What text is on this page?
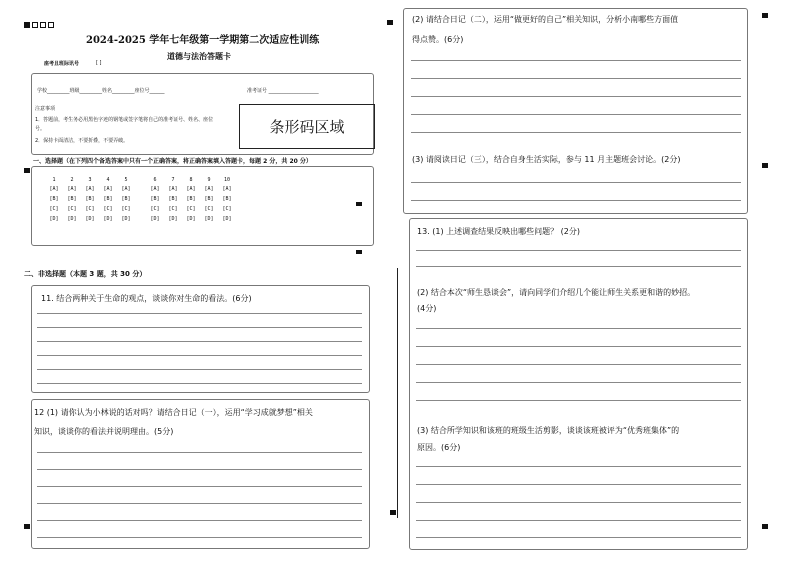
2024-2025 学年七年级第一学期第二次适应性训练
道德与法治答题卡
座考且班际讯号	[ ]
学校_________班级_________姓名_________座位号______	准考证号 ____________________
注意事项
1．答题前，考生务必用黑色字迹的钢笔或签字笔将自己的准考证号、姓名、座位
号。
2．保持卡面清洁，不要折叠，不要弄破。
条形码区域
一、选择题（在下列四个备选答案中只有一个正确答案，将正确答案填入答题卡，每题 2 分，共 20 分）
1
[A]
[B]
[C]
[D]
2
[A]
[B]
[C]
[D]
3
[A]
[B]
[C]
[D]
4
[A]
[B]
[C]
[D]
5
[A]
[B]
[C]
[D]
6
[A]
[B]
[C]
[D]
7
[A]
[B]
[C]
[D]
8
[A]
[B]
[C]
[D]
9
[A]
[B]
[C]
[D]
10
[A]
[B]
[C]
[D]
二、非选择题（本题 3 题，共 30 分）
11. 结合两种关于生命的观点，谈谈你对生命的看法。(6分)
12 (1) 请你认为小林说的话对吗？请结合日记（一），运用“学习成就梦想”相关
知识，谈谈你的看法并说明理由。(5分)
(2) 请结合日记（二），运用“做更好的自己”相关知识，分析小南哪些方面值
得点赞。(6分)
(3) 请阅读日记（三），结合自身生活实际，参与 11 月主题班会讨论。(2分)
13. (1) 上述调查结果反映出哪些问题？ (2分)
(2) 结合本次“师生恳谈会”，请向同学们介绍几个能让师生关系更和谐的妙招。
(4分)
(3) 结合所学知识和该班的班级生活剪影，谈谈该班被评为“优秀班集体”的
原因。(6分)
